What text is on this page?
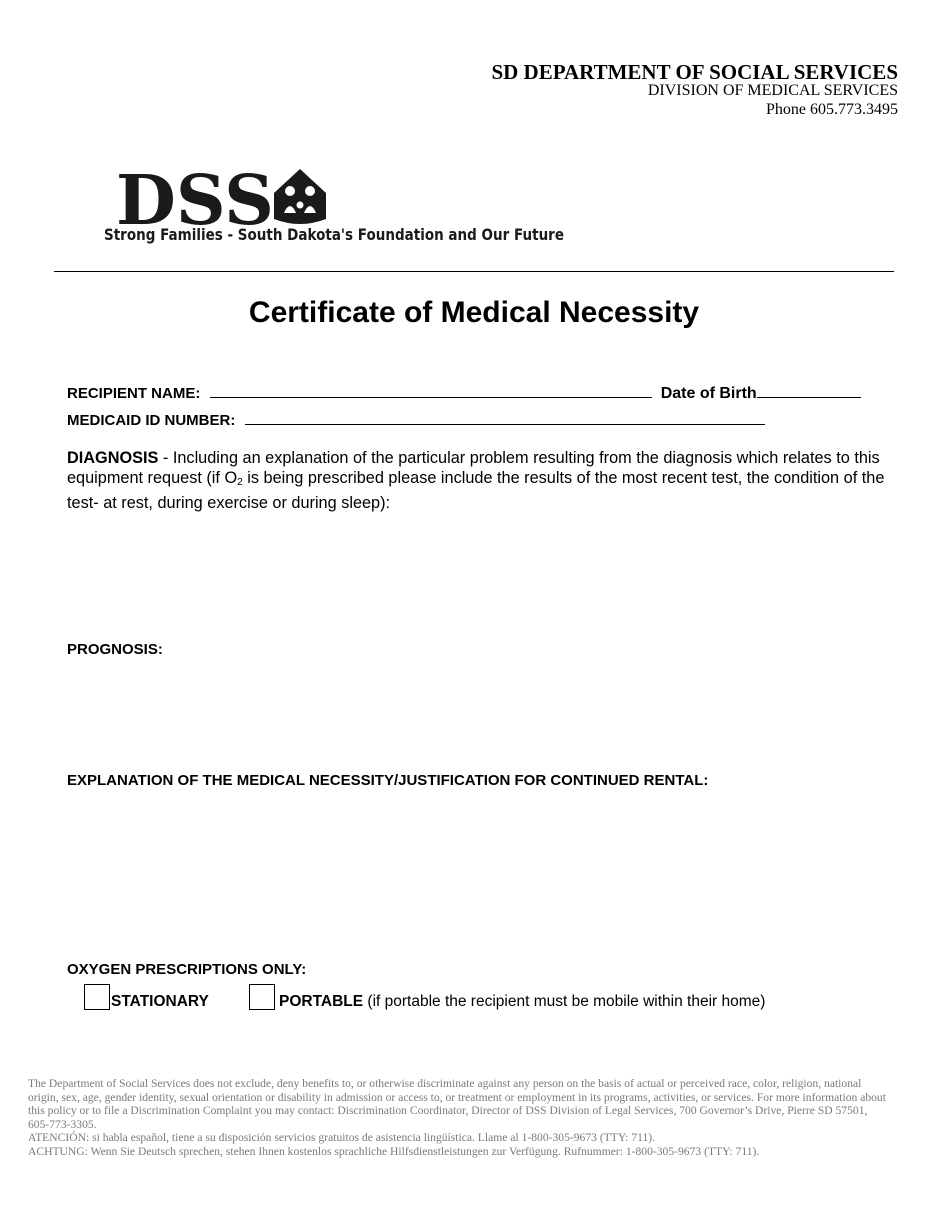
SD DEPARTMENT OF SOCIAL SERVICES
DIVISION OF MEDICAL SERVICES
Phone 605.773.3495
DSS
Strong Families - South Dakota's Foundation and Our Future
Certificate of Medical Necessity
RECIPIENT NAME:	Date of Birth
MEDICAID ID NUMBER:
DIAGNOSIS - Including an explanation of the particular problem resulting from the diagnosis which relates to this equipment request (if $O_2$ is being prescribed please include the results of the most recent test, the condition of the test- at rest, during exercise or during sleep):
PROGNOSIS:
EXPLANATION OF THE MEDICAL NECESSITY/JUSTIFICATION FOR CONTINUED RENTAL:
OXYGEN PRESCRIPTIONS ONLY:
STATIONARY	PORTABLE (if portable the recipient must be mobile within their home)

The Department of Social Services does not exclude, deny benefits to, or otherwise discriminate against any person on the basis of actual or perceived race, color, religion, national origin, sex, age, gender identity, sexual orientation or disability in admission or access to, or treatment or employment in its programs, activities, or services. For more information about this policy or to file a Discrimination Complaint you may contact: Discrimination Coordinator, Director of DSS Division of Legal Services, 700 Governor’s Drive, Pierre SD 57501, 605-773-3305.

ATENCIÓN: si habla español, tiene a su disposición servicios gratuitos de asistencia lingüística. Llame al 1-800-305-9673 (TTY: 711).

ACHTUNG: Wenn Sie Deutsch sprechen, stehen Ihnen kostenlos sprachliche Hilfsdienstleistungen zur Verfügung. Rufnummer: 1-800-305-9673 (TTY: 711).
